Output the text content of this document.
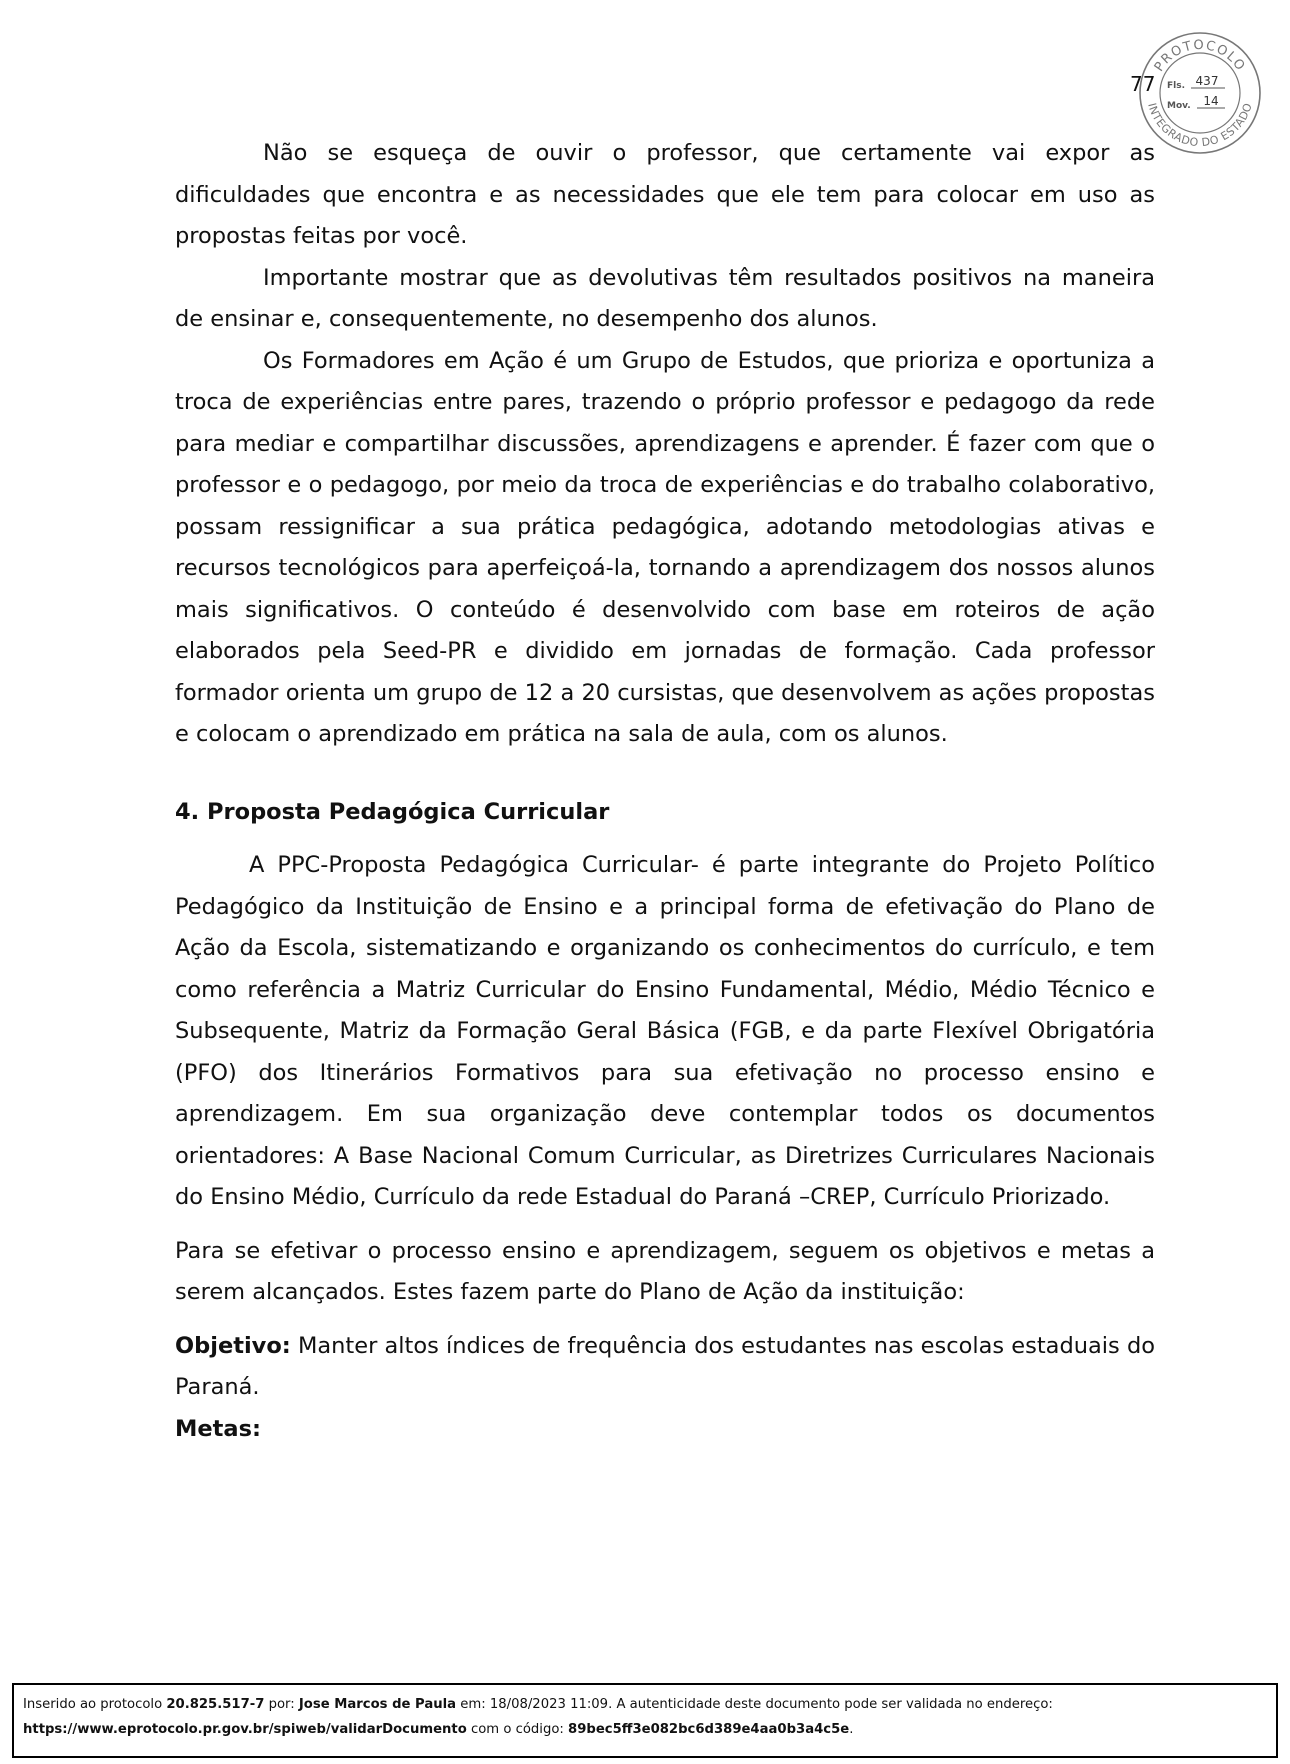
77
PROTOCOLO
INTEGRADO DO ESTADO
Fls. 437
Mov. 14

Não se esqueça de ouvir o professor, que certamente vai expor as dificuldades que encontra e as necessidades que ele tem para colocar em uso as propostas feitas por você.

Importante mostrar que as devolutivas têm resultados positivos na maneira de ensinar e, consequentemente, no desempenho dos alunos.

Os Formadores em Ação é um Grupo de Estudos, que prioriza e oportuniza a troca de experiências entre pares, trazendo o próprio professor e pedagogo da rede para mediar e compartilhar discussões, aprendizagens e aprender. É fazer com que o professor e o pedagogo, por meio da troca de experiências e do trabalho colaborativo, possam ressignificar a sua prática pedagógica, adotando metodologias ativas e recursos tecnológicos para aperfeiçoá-la, tornando a aprendizagem dos nossos alunos mais significativos. O conteúdo é desenvolvido com base em roteiros de ação elaborados pela Seed-PR e dividido em jornadas de formação. Cada professor formador orienta um grupo de 12 a 20 cursistas, que desenvolvem as ações propostas e colocam o aprendizado em prática na sala de aula, com os alunos.

4. Proposta Pedagógica Curricular

A PPC-Proposta Pedagógica Curricular- é parte integrante do Projeto Político Pedagógico da Instituição de Ensino e a principal forma de efetivação do Plano de Ação da Escola, sistematizando e organizando os conhecimentos do currículo, e tem como referência a Matriz Curricular do Ensino Fundamental, Médio, Médio Técnico e Subsequente, Matriz da Formação Geral Básica (FGB, e da parte Flexível Obrigatória (PFO) dos Itinerários Formativos para sua efetivação no processo ensino e aprendizagem. Em sua organização deve contemplar todos os documentos orientadores: A Base Nacional Comum Curricular, as Diretrizes Curriculares Nacionais do Ensino Médio, Currículo da rede Estadual do Paraná –CREP, Currículo Priorizado.

Para se efetivar o processo ensino e aprendizagem, seguem os objetivos e metas a serem alcançados. Estes fazem parte do Plano de Ação da instituição:

Objetivo: Manter altos índices de frequência dos estudantes nas escolas estaduais do Paraná.

Metas:

Inserido ao protocolo 20.825.517-7 por: Jose Marcos de Paula em: 18/08/2023 11:09. A autenticidade deste documento pode ser validada no endereço:
https://www.eprotocolo.pr.gov.br/spiweb/validarDocumento com o código: 89bec5ff3e082bc6d389e4aa0b3a4c5e.
